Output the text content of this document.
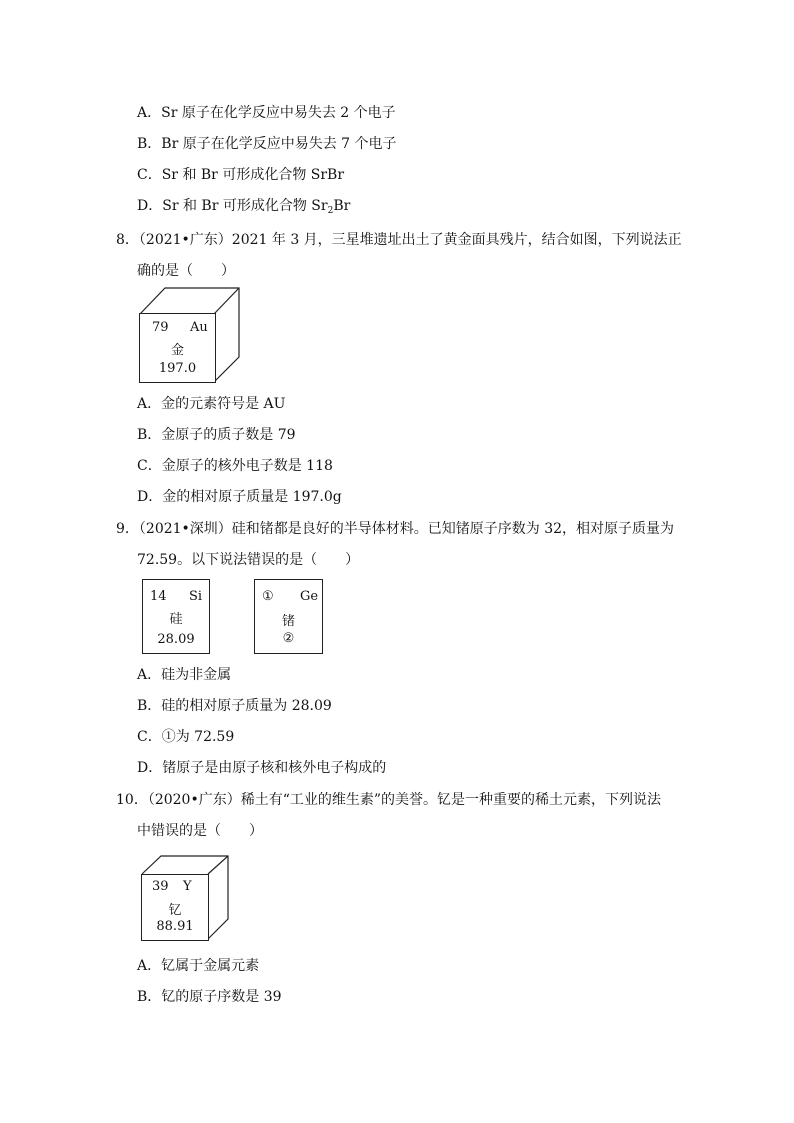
A．Sr 原子在化学反应中易失去 2 个电子
B．Br 原子在化学反应中易失去 7 个电子
C．Sr 和 Br 可形成化合物 SrBr
D．Sr 和 Br 可形成化合物 $Sr_2Br$
8．（2021•广东）2021 年 3 月，三星堆遗址出土了黄金面具残片，结合如图，下列说法正
确的是（　　）
79 Au
金
197.0
A．金的元素符号是 AU
B．金原子的质子数是 79
C．金原子的核外电子数是 118
D．金的相对原子质量是 197.0g
9．（2021•深圳）硅和锗都是良好的半导体材料。已知锗原子序数为 32，相对原子质量为
72.59。以下说法错误的是（　　）
14 Si
硅
28.09
① Ge
锗
②
A．硅为非金属
B．硅的相对原子质量为 28.09
C．①为 72.59
D．锗原子是由原子核和核外电子构成的
10．（2020•广东）稀土有“工业的维生素”的美誉。钇是一种重要的稀土元素，下列说法
中错误的是（　　）
39 Y
钇
88.91
A．钇属于金属元素
B．钇的原子序数是 39
